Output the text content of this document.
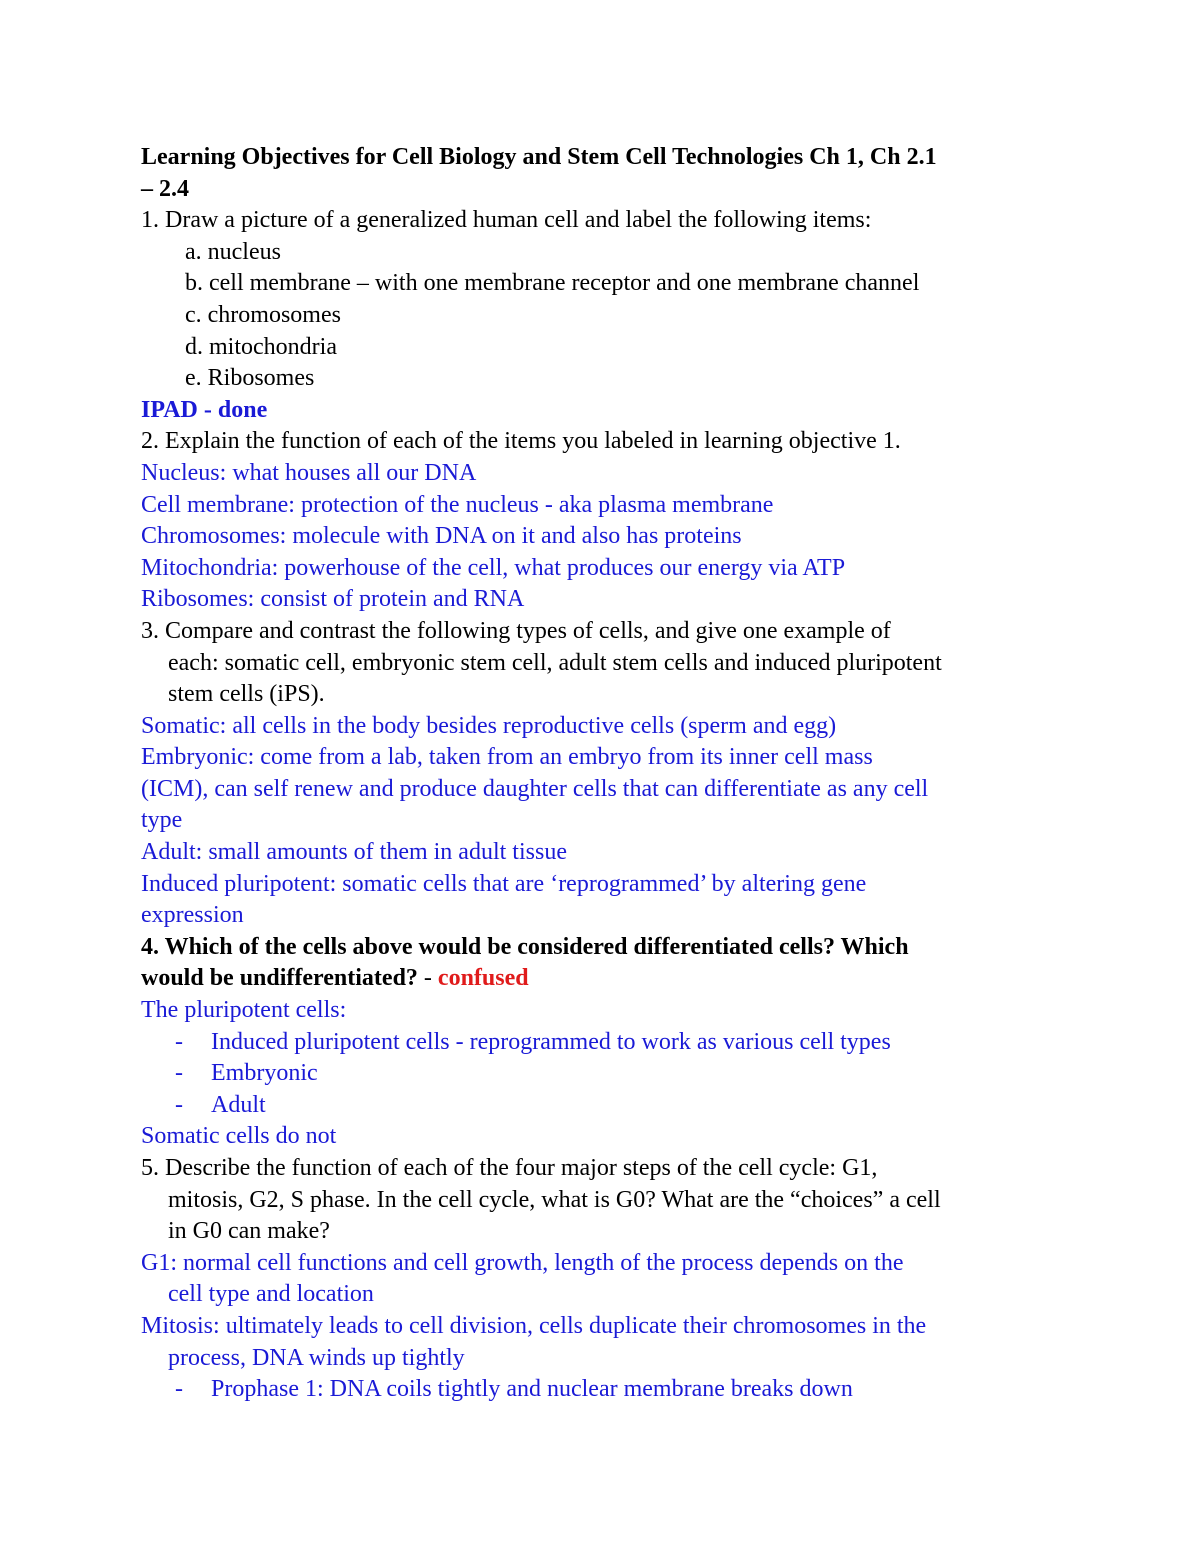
Learning Objectives for Cell Biology and Stem Cell Technologies Ch 1, Ch 2.1
– 2.4
1. Draw a picture of a generalized human cell and label the following items:
a. nucleus
b. cell membrane – with one membrane receptor and one membrane channel
c. chromosomes
d. mitochondria
e. Ribosomes
IPAD - done
2. Explain the function of each of the items you labeled in learning objective 1.
Nucleus: what houses all our DNA
Cell membrane: protection of the nucleus - aka plasma membrane
Chromosomes: molecule with DNA on it and also has proteins
Mitochondria: powerhouse of the cell, what produces our energy via ATP
Ribosomes: consist of protein and RNA
3. Compare and contrast the following types of cells, and give one example of
each: somatic cell, embryonic stem cell, adult stem cells and induced pluripotent
stem cells (iPS).
Somatic: all cells in the body besides reproductive cells (sperm and egg)
Embryonic: come from a lab, taken from an embryo from its inner cell mass
(ICM), can self renew and produce daughter cells that can differentiate as any cell
type
Adult: small amounts of them in adult tissue
Induced pluripotent: somatic cells that are ‘reprogrammed’ by altering gene
expression
4. Which of the cells above would be considered differentiated cells? Which
would be undifferentiated? - confused
The pluripotent cells:
- Induced pluripotent cells - reprogrammed to work as various cell types
- Embryonic
- Adult
Somatic cells do not
5. Describe the function of each of the four major steps of the cell cycle: G1,
mitosis, G2, S phase. In the cell cycle, what is G0? What are the “choices” a cell
in G0 can make?
G1: normal cell functions and cell growth, length of the process depends on the
cell type and location
Mitosis: ultimately leads to cell division, cells duplicate their chromosomes in the
process, DNA winds up tightly
- Prophase 1: DNA coils tightly and nuclear membrane breaks down
